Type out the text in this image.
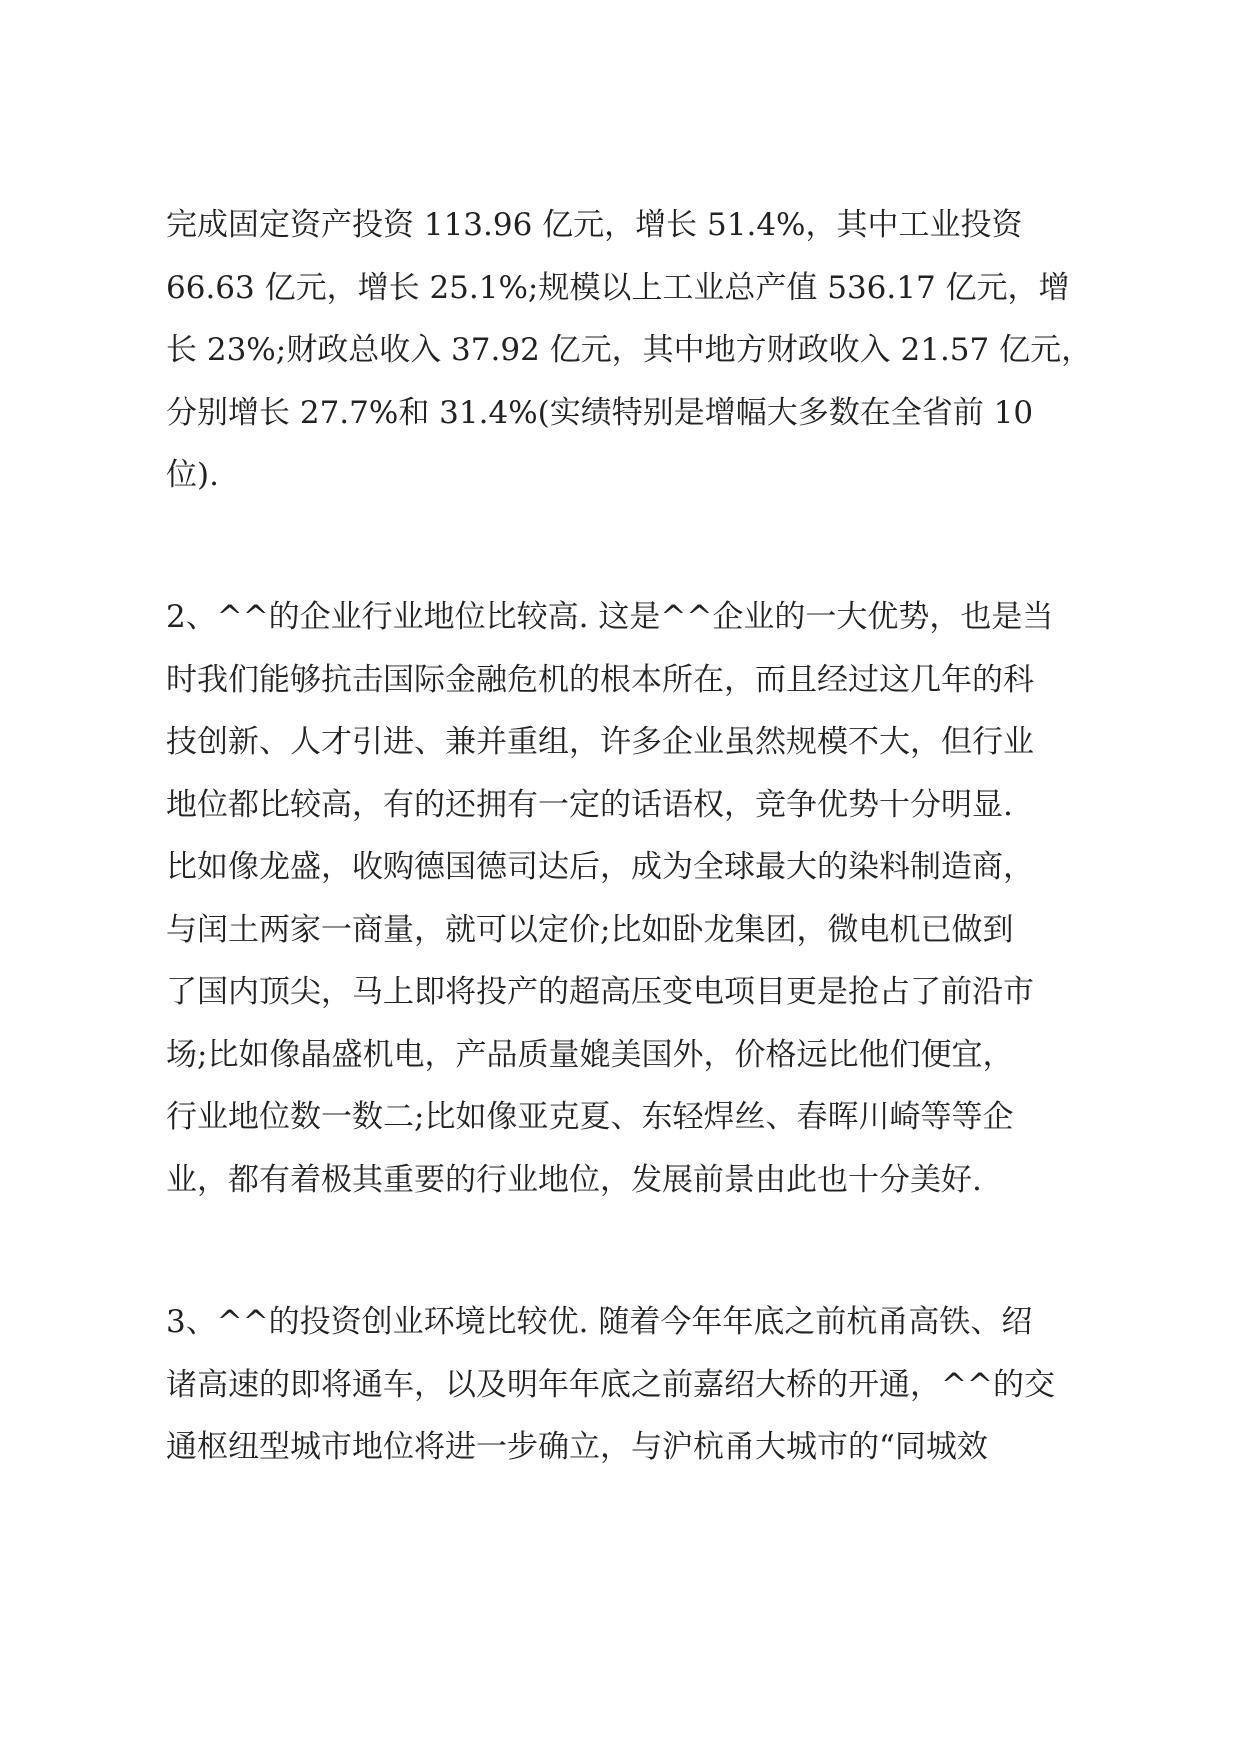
完成固定资产投资 113.96 亿元，增长 51.4%，其中工业投资

66.63 亿元，增长 25.1%;规模以上工业总产值 536.17 亿元，增

长 23%;财政总收入 37.92 亿元，其中地方财政收入 21.57 亿元，

分别增长 27.7%和 31.4%(实绩特别是增幅大多数在全省前 10

位).

2、^^的企业行业地位比较高. 这是^^企业的一大优势，也是当

时我们能够抗击国际金融危机的根本所在，而且经过这几年的科

技创新、人才引进、兼并重组，许多企业虽然规模不大，但行业

地位都比较高，有的还拥有一定的话语权，竞争优势十分明显.

比如像龙盛，收购德国德司达后，成为全球最大的染料制造商，

与闰土两家一商量，就可以定价;比如卧龙集团，微电机已做到

了国内顶尖，马上即将投产的超高压变电项目更是抢占了前沿市

场;比如像晶盛机电，产品质量媲美国外，价格远比他们便宜，

行业地位数一数二;比如像亚克夏、东轻焊丝、春晖川崎等等企

业，都有着极其重要的行业地位，发展前景由此也十分美好.

3、^^的投资创业环境比较优. 随着今年年底之前杭甬高铁、绍

诸高速的即将通车，以及明年年底之前嘉绍大桥的开通，^^的交

通枢纽型城市地位将进一步确立，与沪杭甬大城市的“同城效
